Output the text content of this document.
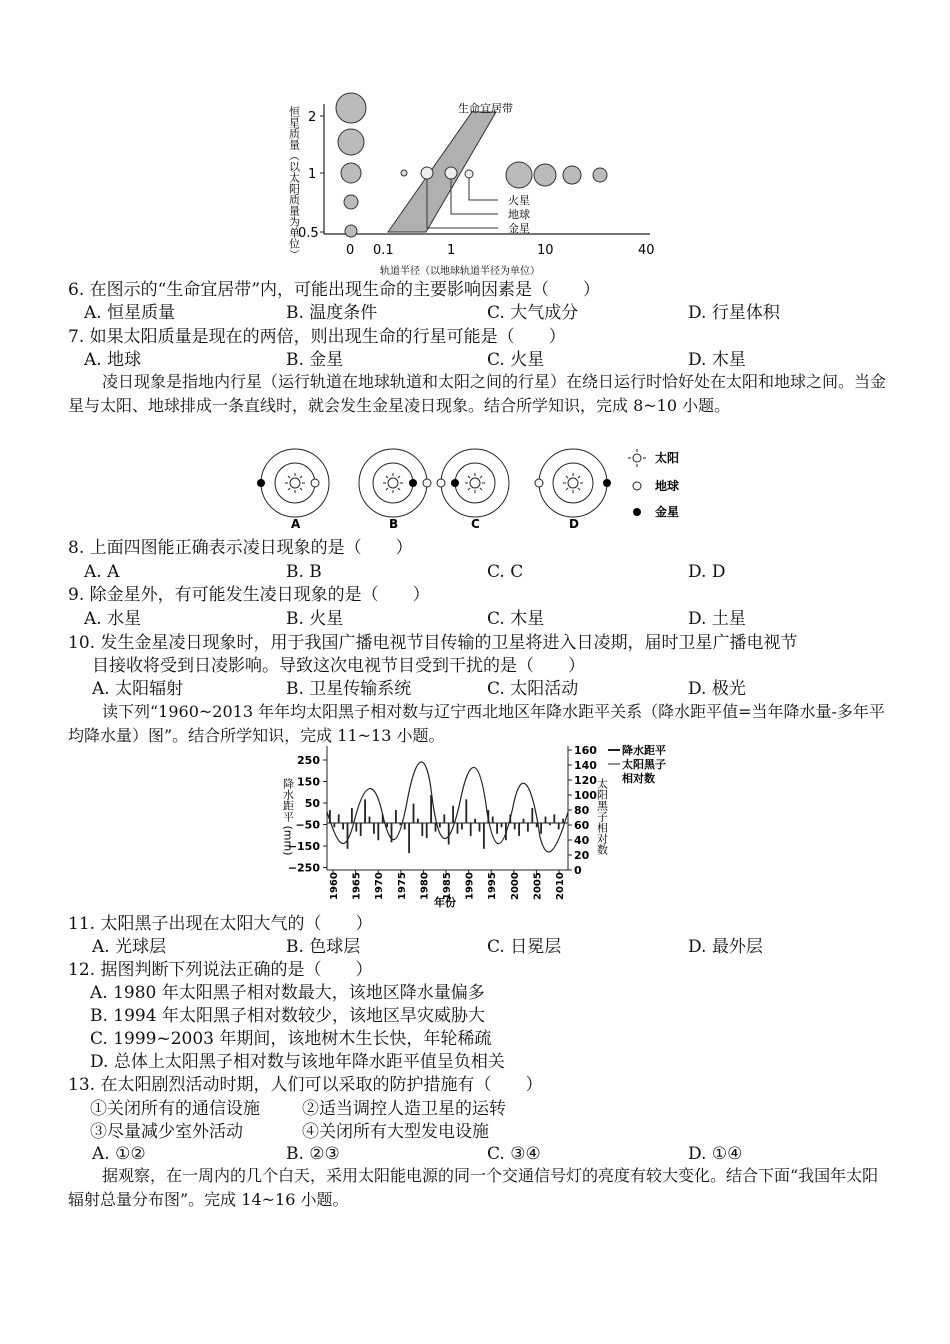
恒星质量（以太阳质量为单位） 2
1
0.5
生命宜居带
火星
地球
金星
0 0.1	1	10	40
轨道半径（以地球轨道半径为单位）
6. 在图示的“生命宜居带”内，可能出现生命的主要影响因素是（　　）
A. 恒星质量	B. 温度条件	C. 大气成分	D. 行星体积
7. 如果太阳质量是现在的两倍，则出现生命的行星可能是（　　）
A. 地球	B. 金星	C. 火星	D. 木星
凌日现象是指地内行星（运行轨道在地球轨道和太阳之间的行星）在绕日运行时恰好处在太阳和地球之间。当金星与太阳、地球排成一条直线时，就会发生金星凌日现象。结合所学知识，完成 8~10 小题。
A	B	C	D
太阳
地球
金星
8. 上面四图能正确表示凌日现象的是（　　）
A. A	B. B	C. C	D. D
9. 除金星外，有可能发生凌日现象的是（　　）
A. 水星	B. 火星	C. 木星	D. 土星
10. 发生金星凌日现象时，用于我国广播电视节目传输的卫星将进入日凌期，届时卫星广播电视节
目接收将受到日凌影响。导致这次电视节目受到干扰的是（　　）
A. 太阳辐射	B. 卫星传输系统	C. 太阳活动	D. 极光
读下列“1960~2013 年年均太阳黑子相对数与辽宁西北地区年降水距平关系（降水距平值=当年降水量-多年平均降水量）图”。结合所学知识，完成 11~13 小题。
降水距平 (mm)	太阳黑子相对数
250
150
50
−50
−150
−250
160
140
120
100
80
60
40
20
0
降水距平
太阳黑子
相对数
1960 1965 1970 1975 1980 1985 1990 1995 2000 2005 2010
年份
11. 太阳黑子出现在太阳大气的（　　）
A. 光球层	B. 色球层	C. 日冕层	D. 最外层
12. 据图判断下列说法正确的是（　　）
A. 1980 年太阳黑子相对数最大，该地区降水量偏多
B. 1994 年太阳黑子相对数较少，该地区旱灾威胁大
C. 1999~2003 年期间，该地树木生长快，年轮稀疏
D. 总体上太阳黑子相对数与该地年降水距平值呈负相关
13. 在太阳剧烈活动时期，人们可以采取的防护措施有（　　）
①关闭所有的通信设施 ②适当调控人造卫星的运转
③尽量减少室外活动	④关闭所有大型发电设施
A. ①②	B. ②③	C. ③④	D. ①④
据观察，在一周内的几个白天，采用太阳能电源的同一个交通信号灯的亮度有较大变化。结合下面“我国年太阳辐射总量分布图”。完成 14~16 小题。
